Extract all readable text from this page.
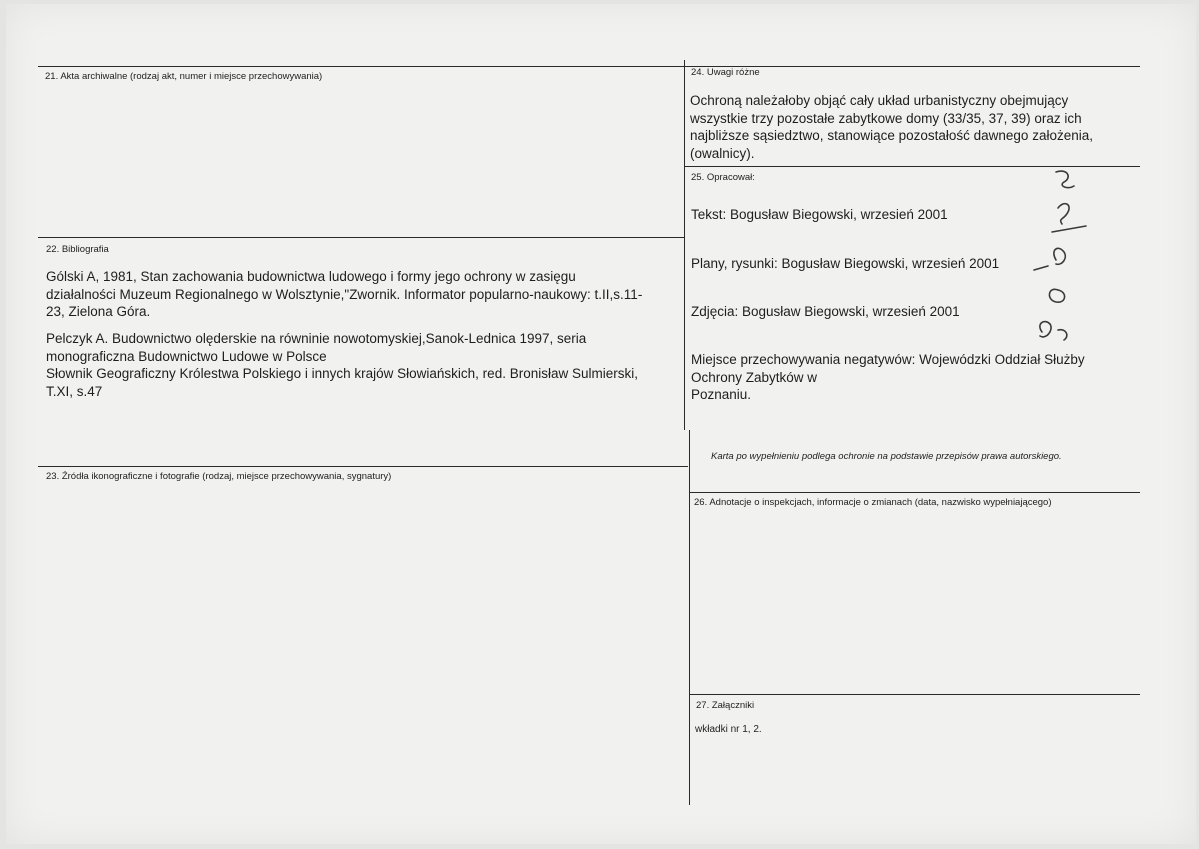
21. Akta archiwalne (rodzaj akt, numer i miejsce przechowywania)
22. Bibliografia
Gólski A, 1981, Stan zachowania budownictwa ludowego i formy jego ochrony w zasięgu
działalności Muzeum Regionalnego w Wolsztynie,"Zwornik. Informator popularno-naukowy: t.II,s.11-
23, Zielona Góra.
Pelczyk A. Budownictwo olęderskie na równinie nowotomyskiej,Sanok-Lednica 1997, seria
monograficzna Budownictwo Ludowe w Polsce
Słownik Geograficzny Królestwa Polskiego i innych krajów Słowiańskich, red. Bronisław Sulmierski,
T.XI, s.47
23. Źródła ikonograficzne i fotografie (rodzaj, miejsce przechowywania, sygnatury)
24. Uwagi różne
Ochroną należałoby objąć cały układ urbanistyczny obejmujący
wszystkie trzy pozostałe zabytkowe domy (33/35, 37, 39) oraz ich
najbliższe sąsiedztwo, stanowiące pozostałość dawnego założenia,
(owalnicy).
25. Opracował:
Tekst: Bogusław Biegowski, wrzesień 2001
Plany, rysunki: Bogusław Biegowski, wrzesień 2001
Zdjęcia: Bogusław Biegowski, wrzesień 2001
Miejsce przechowywania negatywów: Wojewódzki Oddział Służby
Ochrony Zabytków w
Poznaniu.
Karta po wypełnieniu podlega ochronie na podstawie przepisów prawa autorskiego.
26. Adnotacje o inspekcjach, informacje o zmianach (data, nazwisko wypełniającego)
27. Załączniki
wkładki nr 1, 2.
